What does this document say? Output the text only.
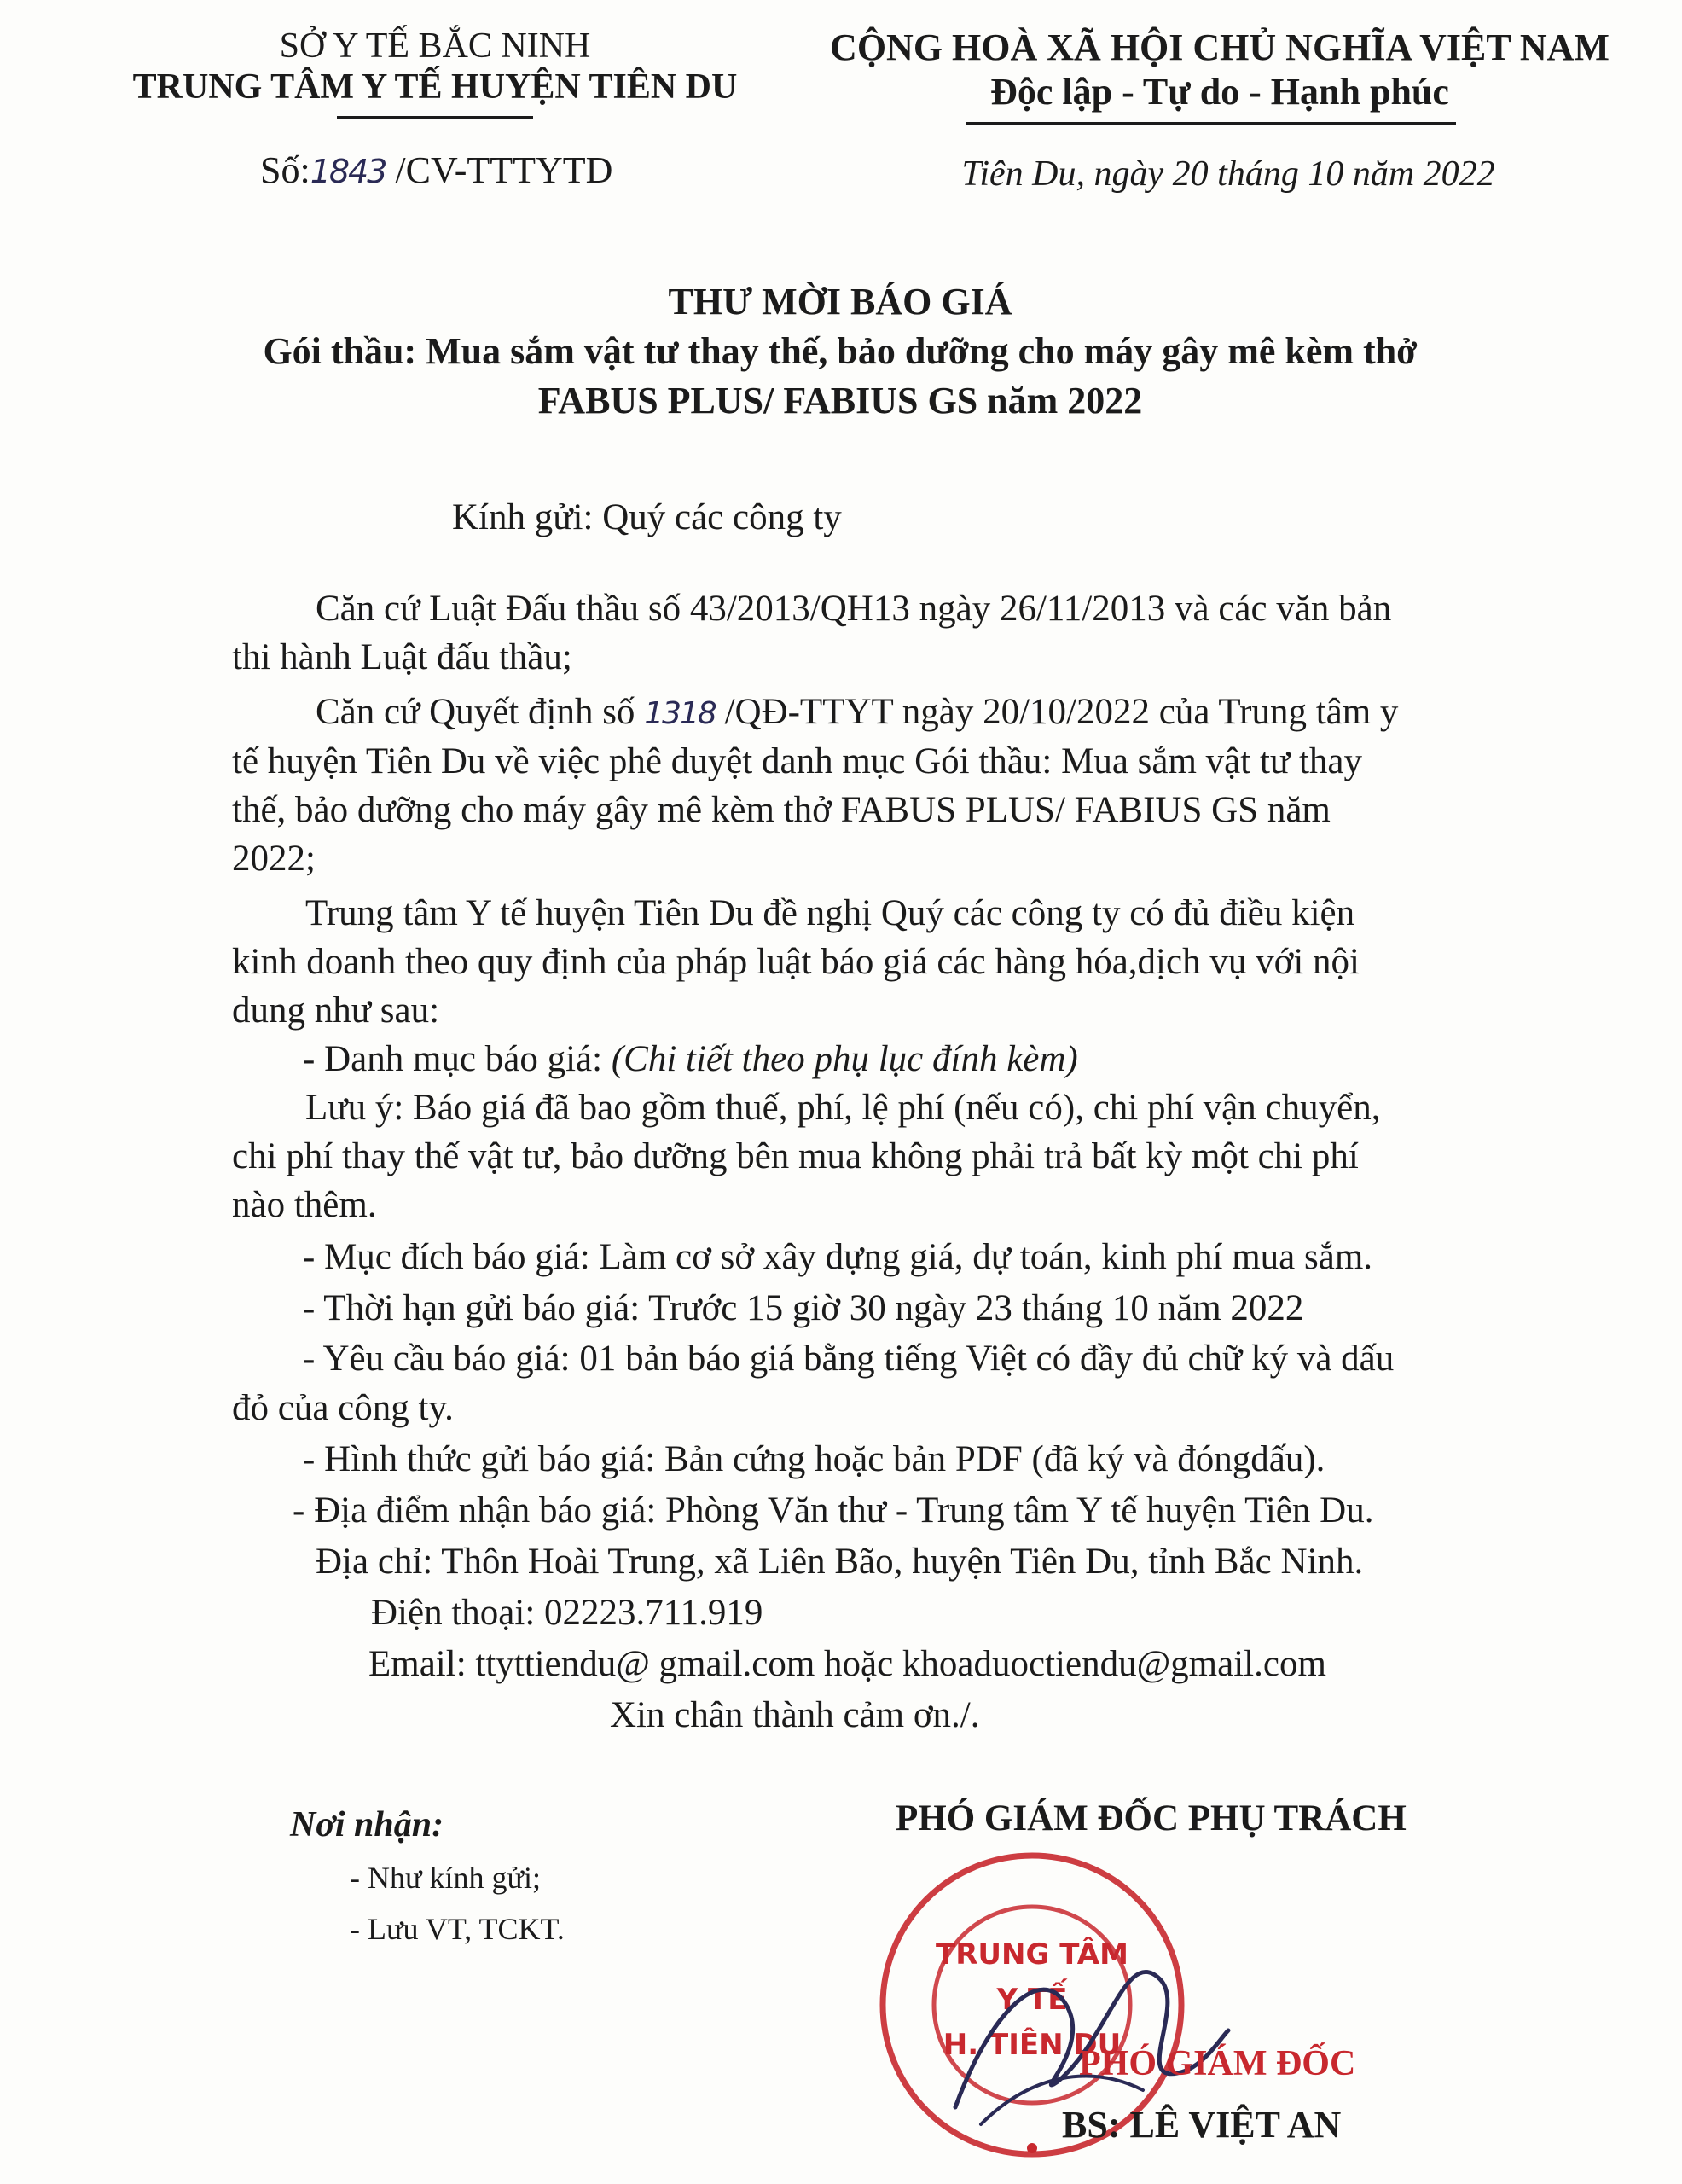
SỞ Y TẾ BẮC NINH
TRUNG TÂM Y TẾ HUYỆN TIÊN DU
Số:1843 /CV-TTTYTD
CỘNG HOÀ XÃ HỘI CHỦ NGHĨA VIỆT NAM
Độc lập - Tự do - Hạnh phúc
Tiên Du, ngày 20 tháng 10 năm 2022
THƯ MỜI BÁO GIÁ
Gói thầu: Mua sắm vật tư thay thế, bảo dưỡng cho máy gây mê kèm thở
FABUS PLUS/ FABIUS GS năm 2022
Kính gửi: Quý các công ty
Căn cứ Luật Đấu thầu số 43/2013/QH13 ngày 26/11/2013 và các văn bản
thi hành Luật đấu thầu;
Căn cứ Quyết định số 1318 /QĐ-TTYT ngày 20/10/2022 của Trung tâm y
tế huyện Tiên Du về việc phê duyệt danh mục Gói thầu: Mua sắm vật tư thay
thế, bảo dưỡng cho máy gây mê kèm thở FABUS PLUS/ FABIUS GS năm
2022;
Trung tâm Y tế huyện Tiên Du đề nghị Quý các công ty có đủ điều kiện
kinh doanh theo quy định của pháp luật báo giá các hàng hóa,dịch vụ với nội
dung như sau:
- Danh mục báo giá: (Chi tiết theo phụ lục đính kèm)
Lưu ý: Báo giá đã bao gồm thuế, phí, lệ phí (nếu có), chi phí vận chuyển,
chi phí thay thế vật tư, bảo dưỡng bên mua không phải trả bất kỳ một chi phí
nào thêm.
- Mục đích báo giá: Làm cơ sở xây dựng giá, dự toán, kinh phí mua sắm.
- Thời hạn gửi báo giá: Trước 15 giờ 30 ngày 23 tháng 10 năm 2022
- Yêu cầu báo giá: 01 bản báo giá bằng tiếng Việt có đầy đủ chữ ký và dấu
đỏ của công ty.
- Hình thức gửi báo giá: Bản cứng hoặc bản PDF (đã ký và đóngdấu).
- Địa điểm nhận báo giá: Phòng Văn thư - Trung tâm Y tế huyện Tiên Du.
Địa chỉ: Thôn Hoài Trung, xã Liên Bão, huyện Tiên Du, tỉnh Bắc Ninh.
Điện thoại: 02223.711.919
Email: ttyttiendu@ gmail.com hoặc khoaduoctiendu@gmail.com
Xin chân thành cảm ơn./.
Nơi nhận:
- Như kính gửi;
- Lưu VT, TCKT.
PHÓ GIÁM ĐỐC PHỤ TRÁCH
TRUNG TÂM
Y TẾ
H. TIÊN DU
PHÓ GIÁM ĐỐC
BS: LÊ VIỆT AN
